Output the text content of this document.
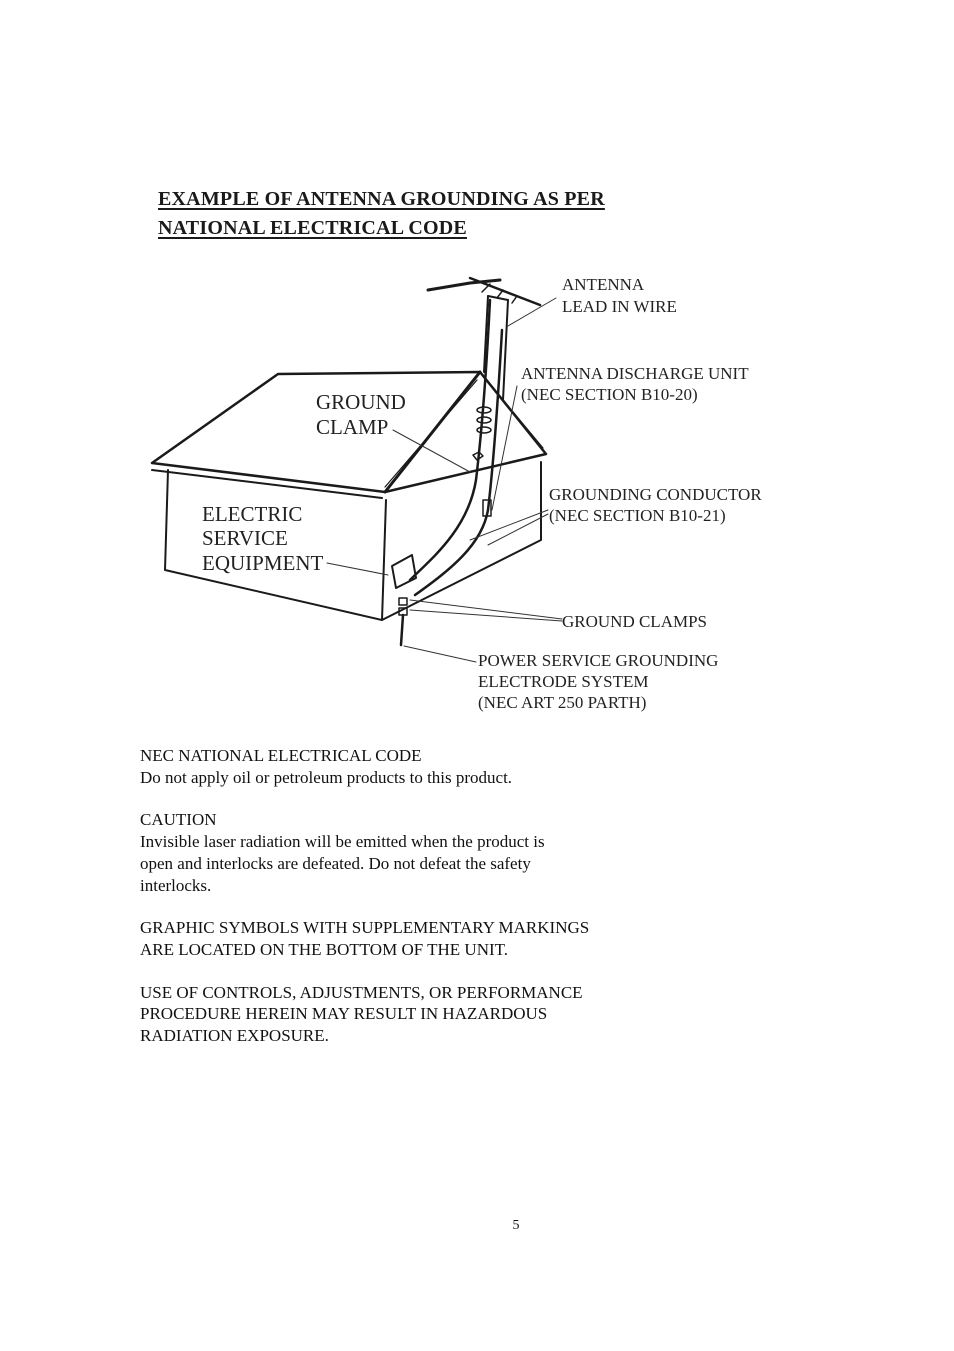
EXAMPLE OF ANTENNA GROUNDING AS PER
NATIONAL ELECTRICAL CODE
ANTENNA
LEAD IN WIRE
ANTENNA DISCHARGE UNIT
(NEC SECTION B10-20)
GROUND
CLAMP
GROUNDING CONDUCTOR
(NEC SECTION B10-21)
ELECTRIC
SERVICE
EQUIPMENT
GROUND CLAMPS
POWER SERVICE GROUNDING
ELECTRODE SYSTEM
(NEC ART 250 PARTH)

NEC NATIONAL ELECTRICAL CODE

Do not apply oil or petroleum products to this product.

CAUTION

Invisible laser radiation will be emitted when the product is

open and interlocks are defeated. Do not defeat the safety

interlocks.

GRAPHIC SYMBOLS WITH SUPPLEMENTARY MARKINGS

ARE LOCATED ON THE BOTTOM OF THE UNIT.

USE OF CONTROLS, ADJUSTMENTS, OR PERFORMANCE

PROCEDURE HEREIN MAY RESULT IN HAZARDOUS

RADIATION EXPOSURE.

5
